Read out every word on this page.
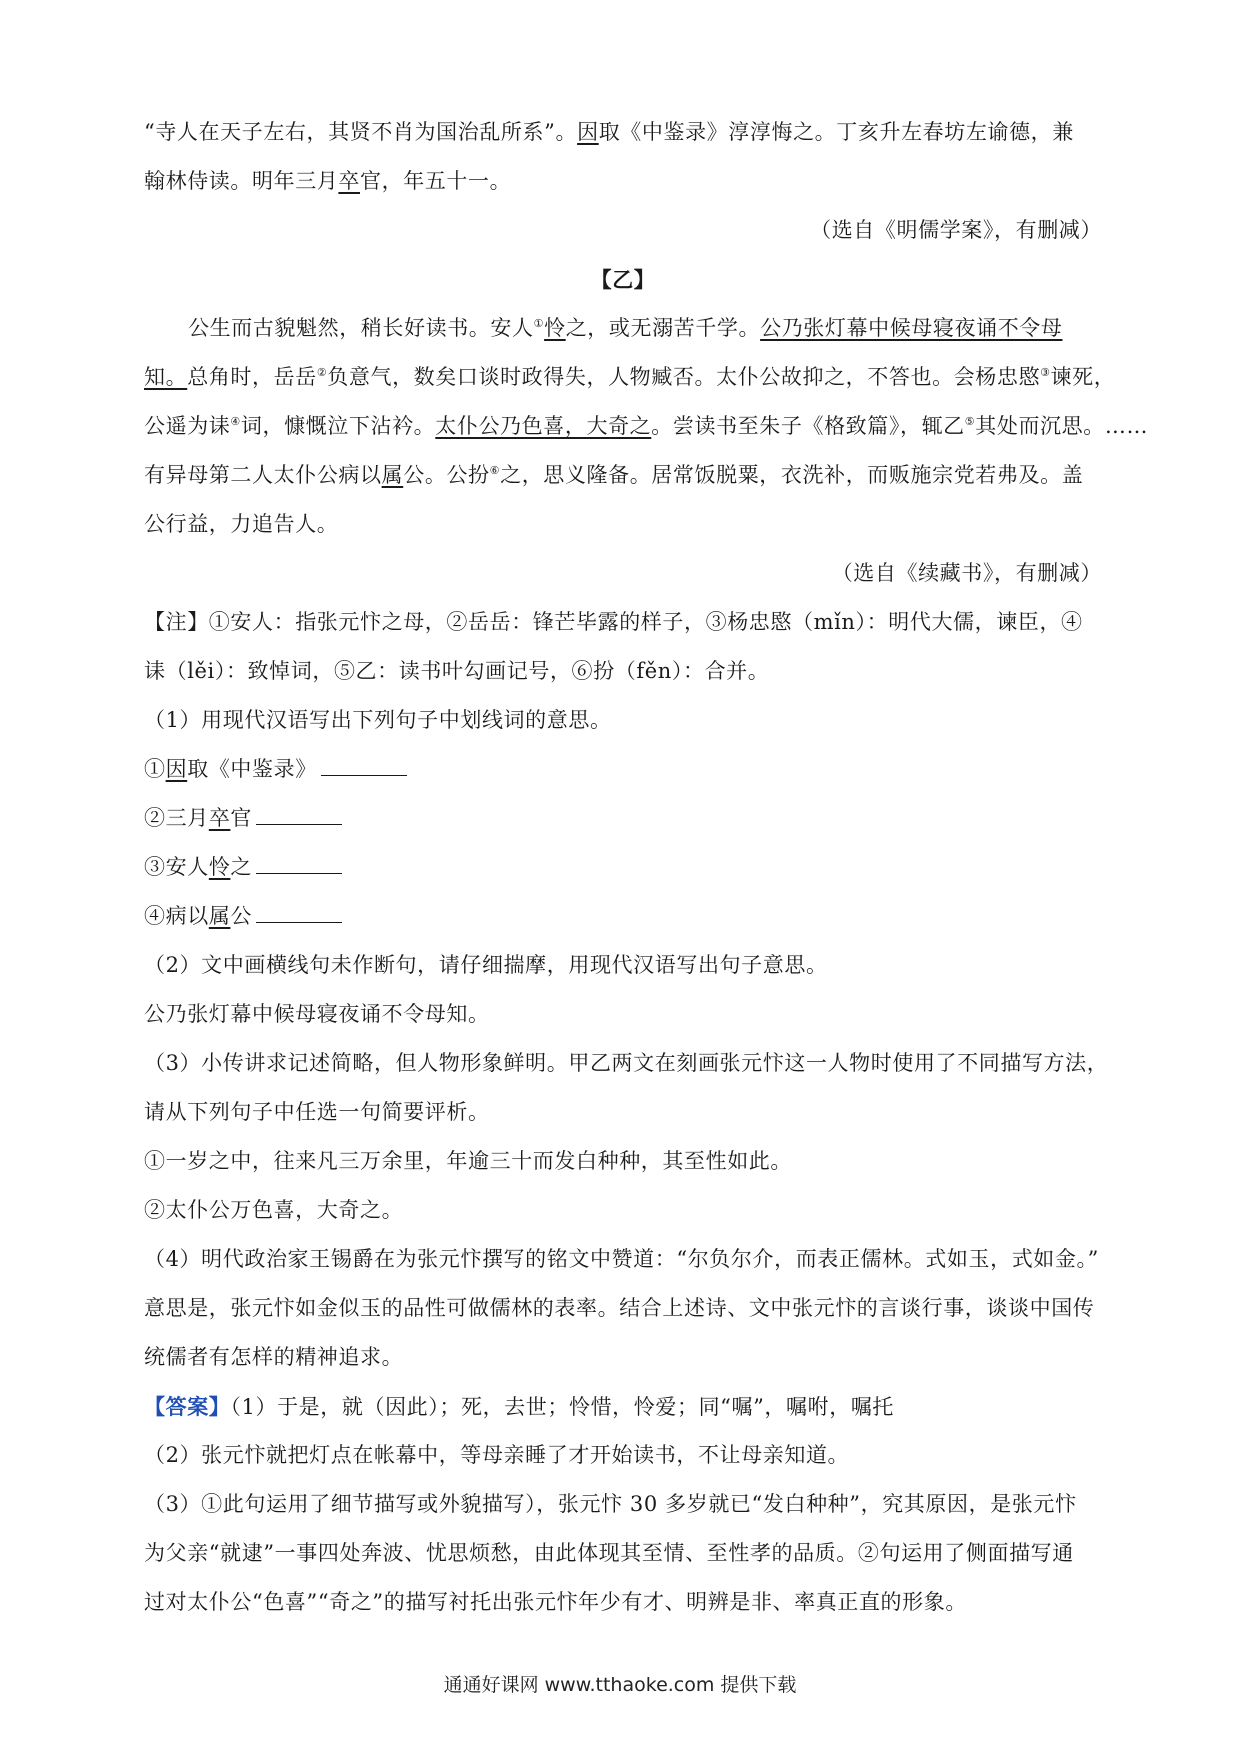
“寺人在天子左右，其贤不肖为国治乱所系”。因取《中鉴录》淳淳悔之。丁亥升左春坊左谕德，兼
翰林侍读。明年三月卒官，年五十一。
（选自《明儒学案》，有删减）
【乙】
公生而古貌魁然，稍长好读书。安人①怜之，或无溺苦千学。公乃张灯幕中候母寝夜诵不令母
知。总角时，岳岳②负意气，数矣口谈时政得失，人物臧否。太仆公故抑之，不答也。会杨忠愍③谏死，
公遥为诔④词，慷慨泣下沾衿。太仆公乃色喜，大奇之。尝读书至朱子《格致篇》，辄乙⑤其处而沉思。……
有异母第二人太仆公病以属公。公扮⑥之，思义隆备。居常饭脱粟，衣洗补，而贩施宗党若弗及。盖
公行益，力追告人。
（选自《续藏书》，有删减）
【注】①安人：指张元忭之母，②岳岳：锋芒毕露的样子，③杨忠愍（mǐn）：明代大儒，谏臣，④
诔（lěi）：致悼词，⑤乙：读书叶勾画记号，⑥扮（fěn）：合并。
（1）用现代汉语写出下列句子中划线词的意思。
①因取《中鉴录》
②三月卒官
③安人怜之
④病以属公
（2）文中画横线句未作断句，请仔细揣摩，用现代汉语写出句子意思。
公乃张灯幕中候母寝夜诵不令母知。
（3）小传讲求记述简略，但人物形象鲜明。甲乙两文在刻画张元忭这一人物时使用了不同描写方法，
请从下列句子中任选一句简要评析。
①一岁之中，往来凡三万余里，年逾三十而发白种种，其至性如此。
②太仆公万色喜，大奇之。
（4）明代政治家王锡爵在为张元忭撰写的铭文中赞道：“尔负尔介，而表正儒林。式如玉，式如金。”
意思是，张元忭如金似玉的品性可做儒林的表率。结合上述诗、文中张元忭的言谈行事，谈谈中国传
统儒者有怎样的精神追求。
【答案】（1）于是，就（因此）；死，去世；怜惜，怜爱；同“嘱”，嘱咐，嘱托
（2）张元忭就把灯点在帐幕中，等母亲睡了才开始读书，不让母亲知道。
（3）①此句运用了细节描写或外貌描写），张元忭 30 多岁就已“发白种种”，究其原因，是张元忭
为父亲“就逮”一事四处奔波、忧思烦愁，由此体现其至情、至性孝的品质。②句运用了侧面描写通
过对太仆公“色喜”“奇之”的描写衬托出张元忭年少有才、明辨是非、率真正直的形象。
通通好课网 www.tthaoke.com 提供下载
